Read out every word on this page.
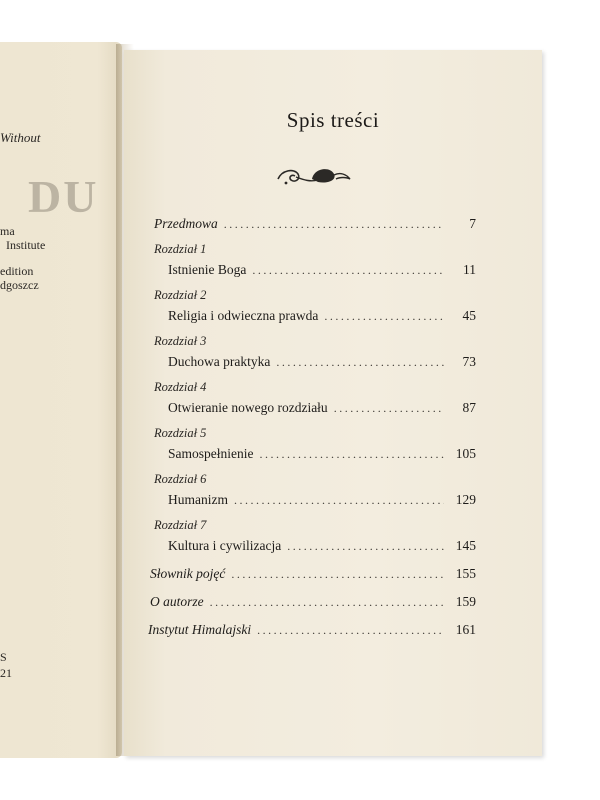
Without
DU
ma
Institute
edition
dgoszcz
S
21
Spis treści
Przedmowa .....	7
Rozdział 1
Istnienie Boga .....	11
Rozdział 2
Religia i odwieczna prawda .....	45
Rozdział 3
Duchowa praktyka .....	73
Rozdział 4
Otwieranie nowego rozdziału .....	87
Rozdział 5
Samospełnienie .....	105
Rozdział 6
Humanizm .....	129
Rozdział 7
Kultura i cywilizacja .....	145
Słownik pojęć .....	155
O autorze .....	159
Instytut Himalajski .....	161
